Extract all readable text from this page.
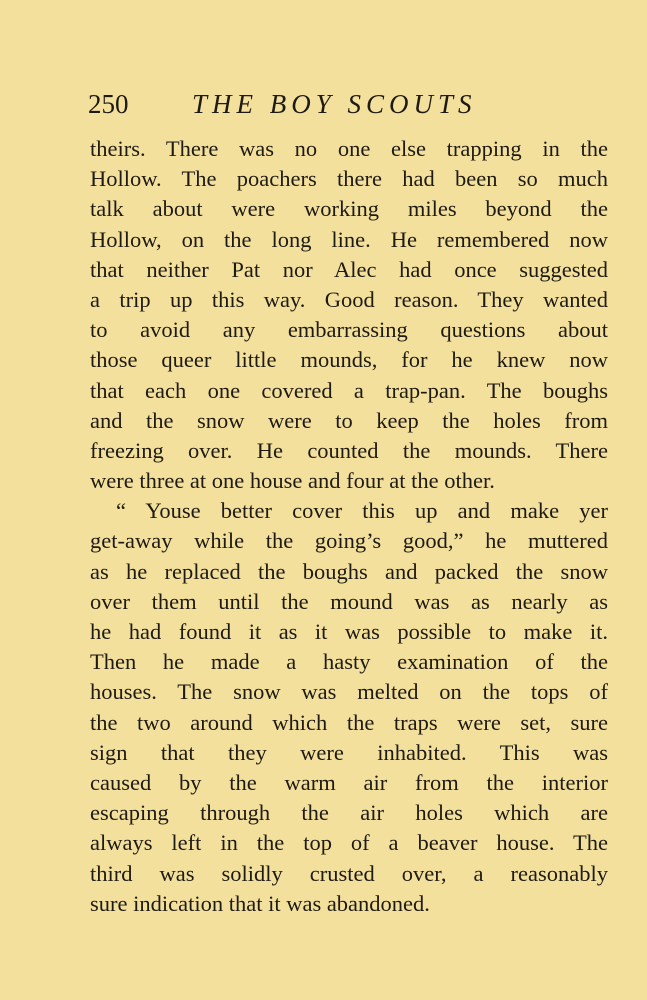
250 THE BOY SCOUTS
theirs. There was no one else trapping in the
Hollow. The poachers there had been so much
talk about were working miles beyond the
Hollow, on the long line. He remembered now
that neither Pat nor Alec had once suggested
a trip up this way. Good reason. They wanted
to avoid any embarrassing questions about
those queer little mounds, for he knew now
that each one covered a trap-pan. The boughs
and the snow were to keep the holes from
freezing over. He counted the mounds. There
were three at one house and four at the other.
“ Youse better cover this up and make yer
get-away while the going’s good,” he muttered
as he replaced the boughs and packed the snow
over them until the mound was as nearly as
he had found it as it was possible to make it.
Then he made a hasty examination of the
houses. The snow was melted on the tops of
the two around which the traps were set, sure
sign that they were inhabited. This was
caused by the warm air from the interior
escaping through the air holes which are
always left in the top of a beaver house. The
third was solidly crusted over, a reasonably
sure indication that it was abandoned.
